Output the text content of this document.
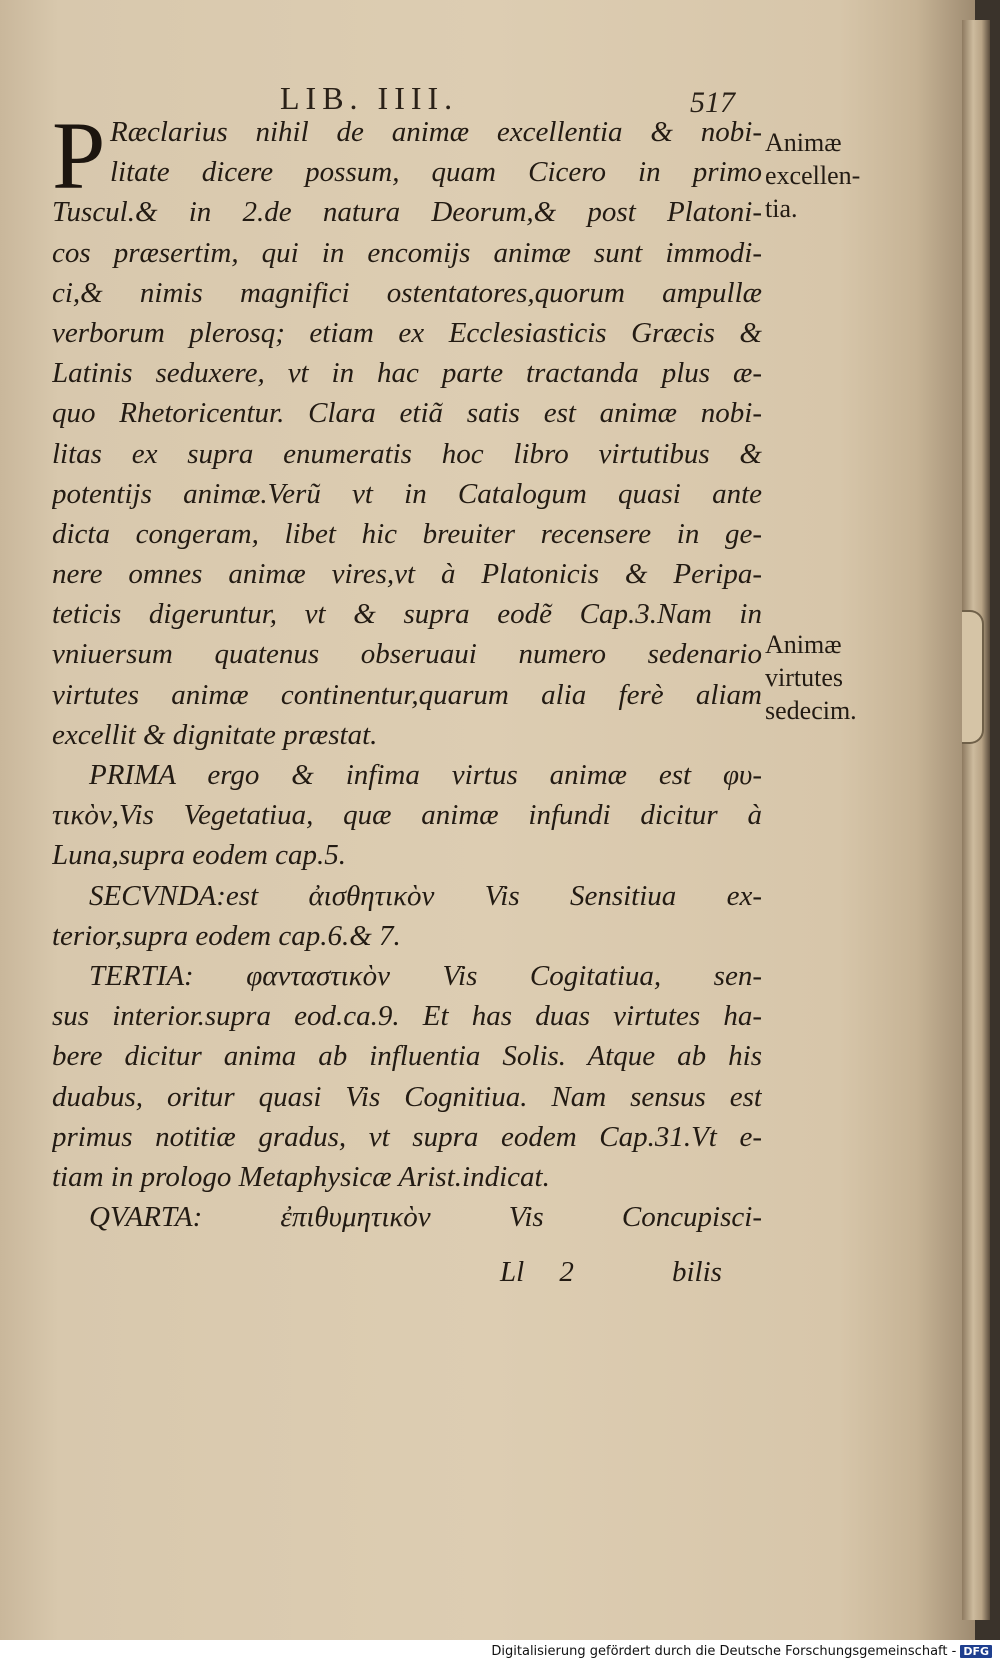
LIB. IIII.	517
P Ræclarius nihil de animæ excellentia & nobi-
litate dicere possum, quam Cicero in primo
Tuscul.& in 2.de natura Deorum,& post Platoni-
cos præsertim, qui in encomijs animæ sunt immodi-
ci,& nimis magnifici ostentatores,quorum ampullæ
verborum plerosq; etiam ex Ecclesiasticis Græcis &
Latinis seduxere, vt in hac parte tractanda plus æ-
quo Rhetoricentur. Clara etiã satis est animæ nobi-
litas ex supra enumeratis hoc libro virtutibus &
potentijs animæ.Verũ vt in Catalogum quasi ante
dicta congeram, libet hic breuiter recensere in ge-
nere omnes animæ vires,vt à Platonicis & Peripa-
teticis digeruntur, vt & supra eodẽ Cap.3.Nam in
vniuersum quatenus obseruaui numero sedenario
virtutes animæ continentur,quarum alia ferè aliam
excellit & dignitate præstat.
PRIMA ergo & infima virtus animæ est φυ-
τικὸν,Vis Vegetatiua, quæ animæ infundi dicitur à
Luna,supra eodem cap.5.
SECVNDA:est ἀισθητικὸν Vis Sensitiua ex-
terior,supra eodem cap.6.& 7.
TERTIA: φανταστικὸν Vis Cogitatiua, sen-
sus interior.supra eod.ca.9. Et has duas virtutes ha-
bere dicitur anima ab influentia Solis. Atque ab his
duabus, oritur quasi Vis Cognitiua. Nam sensus est
primus notitiæ gradus, vt supra eodem Cap.31.Vt e-
tiam in prologo Metaphysicæ Arist.indicat.
QVARTA: ἐπιθυμητικὸν Vis Concupisci-
Animæ
excellen-
tia.
Animæ
virtutes
sedecim.
Ll 2	bilis
Digitalisierung gefördert durch die Deutsche Forschungsgemeinschaft - DFG
